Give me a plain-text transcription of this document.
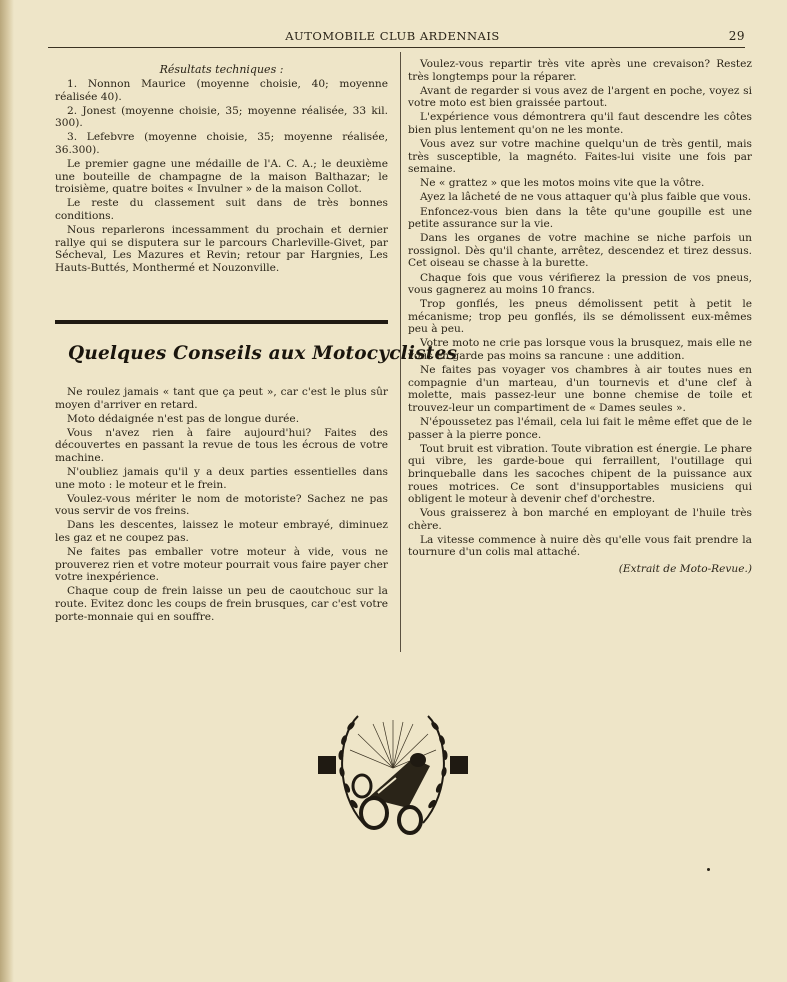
AUTOMOBILE CLUB ARDENNAIS	29

Résultats techniques :

1. Nonnon Maurice (moyenne choisie, 40; moyenne réalisée 40).

2. Jonest (moyenne choisie, 35; moyenne réalisée, 33 kil. 300).

3. Lefebvre (moyenne choisie, 35; moyenne réalisée, 36.300).

Le premier gagne une médaille de l'A. C. A.; le deuxième une bouteille de champagne de la maison Balthazar; le troisième, quatre boites « Invulner » de la maison Collot.

Le reste du classement suit dans de très bonnes conditions.

Nous reparlerons incessamment du prochain et dernier rallye qui se disputera sur le parcours Charleville-Givet, par Sécheval, Les Mazures et Revin; retour par Hargnies, Les Hauts-Buttés, Monthermé et Nouzonville.

Quelques Conseils aux Motocyclistes

Ne roulez jamais « tant que ça peut », car c'est le plus sûr moyen d'arriver en retard.

Moto dédaignée n'est pas de longue durée.

Vous n'avez rien à faire aujourd'hui? Faites des découvertes en passant la revue de tous les écrous de votre machine.

N'oubliez jamais qu'il y a deux parties essentielles dans une moto : le moteur et le frein.

Voulez-vous mériter le nom de motoriste? Sachez ne pas vous servir de vos freins.

Dans les descentes, laissez le moteur embrayé, diminuez les gaz et ne coupez pas.

Ne faites pas emballer votre moteur à vide, vous ne prouverez rien et votre moteur pourrait vous faire payer cher votre inexpérience.

Chaque coup de frein laisse un peu de caoutchouc sur la route. Evitez donc les coups de frein brusques, car c'est votre porte-monnaie qui en souffre.

Voulez-vous repartir très vite après une crevaison? Restez très longtemps pour la réparer.

Avant de regarder si vous avez de l'argent en poche, voyez si votre moto est bien graissée partout.

L'expérience vous démontrera qu'il faut descendre les côtes bien plus lentement qu'on ne les monte.

Vous avez sur votre machine quelqu'un de très gentil, mais très susceptible, la magnéto. Faites-lui visite une fois par semaine.

Ne « grattez » que les motos moins vite que la vôtre.

Ayez la lâcheté de ne vous attaquer qu'à plus faible que vous.

Enfoncez-vous bien dans la tête qu'une goupille est une petite assurance sur la vie.

Dans les organes de votre machine se niche parfois un rossignol. Dès qu'il chante, arrêtez, descendez et tirez dessus. Cet oiseau se chasse à la burette.

Chaque fois que vous vérifierez la pression de vos pneus, vous gagnerez au moins 10 francs.

Trop gonflés, les pneus démolissent petit à petit le mécanisme; trop peu gonflés, ils se démolissent eux-mêmes peu à peu.

Votre moto ne crie pas lorsque vous la brusquez, mais elle ne vous en garde pas moins sa rancune : une addition.

Ne faites pas voyager vos chambres à air toutes nues en compagnie d'un marteau, d'un tournevis et d'une clef à molette, mais passez-leur une bonne chemise de toile et trouvez-leur un compartiment de « Dames seules ».

N'époussetez pas l'émail, cela lui fait le même effet que de le passer à la pierre ponce.

Tout bruit est vibration. Toute vibration est énergie. Le phare qui vibre, les garde-boue qui ferraillent, l'outillage qui brinqueballe dans les sacoches chipent de la puissance aux roues motrices. Ce sont d'insupportables musiciens qui obligent le moteur à devenir chef d'orchestre.

Vous graisserez à bon marché en employant de l'huile très chère.

La vitesse commence à nuire dès qu'elle vous fait prendre la tournure d'un colis mal attaché.

(Extrait de Moto-Revue.)
